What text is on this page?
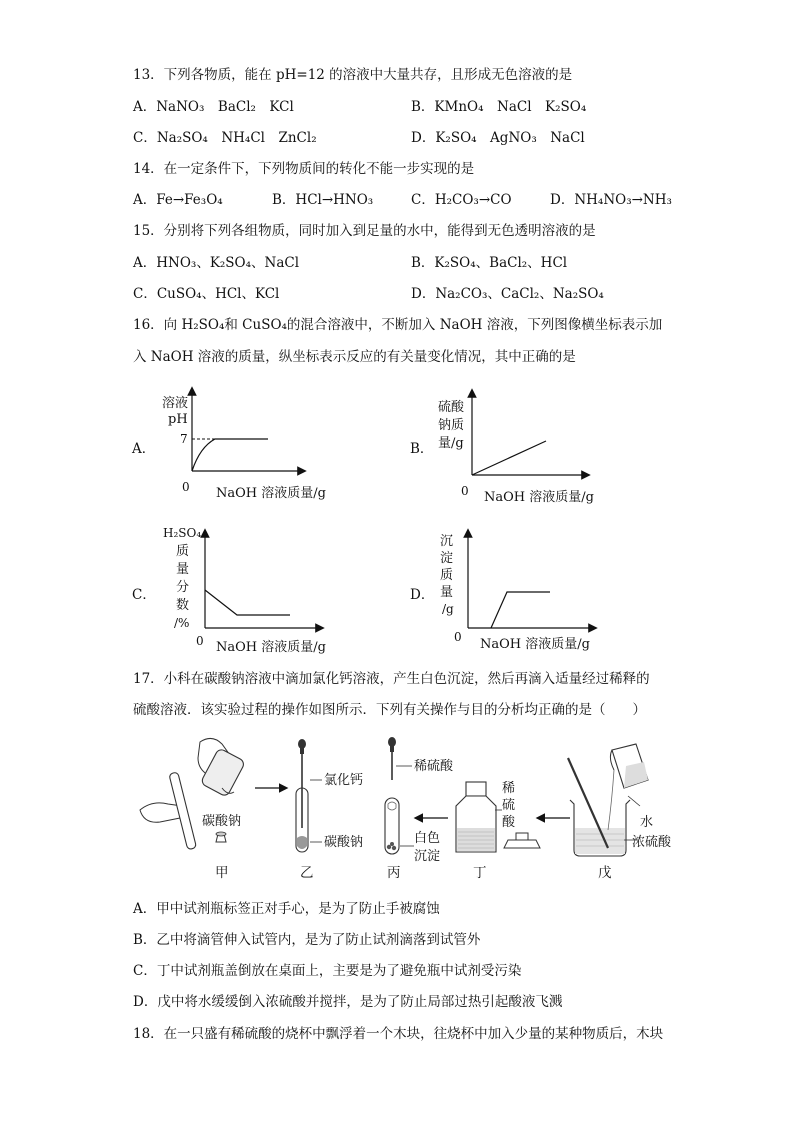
13．下列各物质，能在 pH=12 的溶液中大量共存，且形成无色溶液的是
A．NaNO₃　BaCl₂　KCl	B．KMnO₄　NaCl　K₂SO₄
C．Na₂SO₄　NH₄Cl　ZnCl₂	D．K₂SO₄　AgNO₃　NaCl
14．在一定条件下，下列物质间的转化不能一步实现的是
A．Fe→Fe₃O₄	B．HCl→HNO₃	C．H₂CO₃→CO	D．NH₄NO₃→NH₃
15．分别将下列各组物质，同时加入到足量的水中，能得到无色透明溶液的是
A．HNO₃、K₂SO₄、NaCl	B．K₂SO₄、BaCl₂、HCl
C．CuSO₄、HCl、KCl	D．Na₂CO₃、CaCl₂、Na₂SO₄
16．向 H₂SO₄和 CuSO₄的混合溶液中，不断加入 NaOH 溶液，下列图像横坐标表示加
入 NaOH 溶液的质量，纵坐标表示反应的有关量变化情况，其中正确的是
溶液
pH
7
0 NaOH 溶液质量/g
A．
硫酸
钠质
量/g
0 NaOH 溶液质量/g
B．
H₂SO₄
质
量
分
数
/%
0 NaOH 溶液质量/g
C．
沉
淀
质
量
/g
0 NaOH 溶液质量/g
D．
17．小科在碳酸钠溶液中滴加氯化钙溶液，产生白色沉淀，然后再滴入适量经过稀释的
硫酸溶液．该实验过程的操作如图所示．下列有关操作与目的分析均正确的是（　　）
碳酸钠
氯化钙
碳酸钠
稀硫酸
白色
沉淀
稀
硫
酸	水
浓硫酸
甲	乙	丙	丁	戊
A．甲中试剂瓶标签正对手心，是为了防止手被腐蚀
B．乙中将滴管伸入试管内，是为了防止试剂滴落到试管外
C．丁中试剂瓶盖倒放在桌面上，主要是为了避免瓶中试剂受污染
D．戊中将水缓缓倒入浓硫酸并搅拌，是为了防止局部过热引起酸液飞溅
18．在一只盛有稀硫酸的烧杯中飘浮着一个木块，往烧杯中加入少量的某种物质后，木块
